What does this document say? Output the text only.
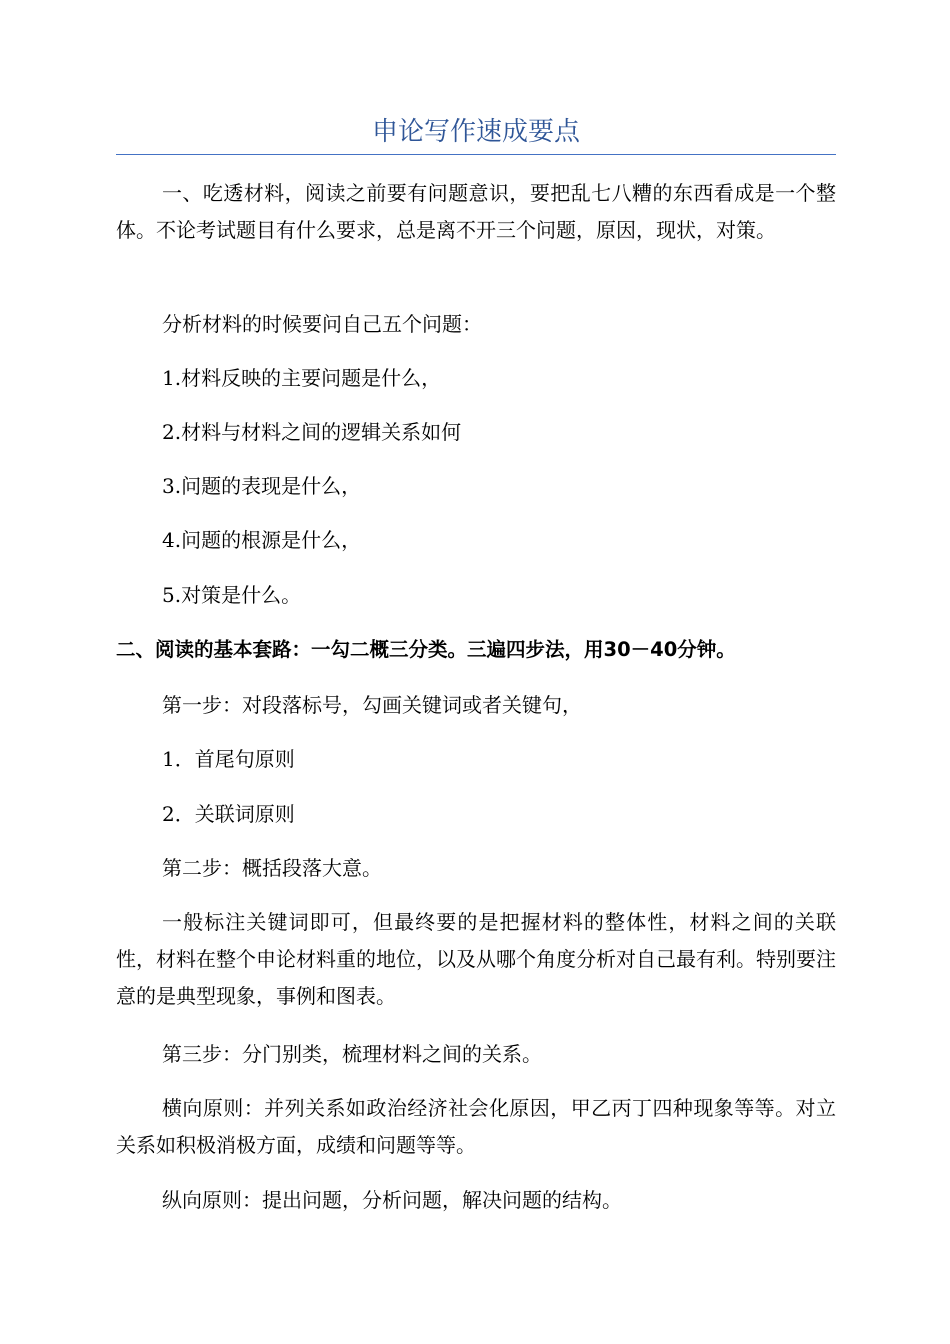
申论写作速成要点

一、吃透材料，阅读之前要有问题意识，要把乱七八糟的东西看成是一个整体。不论考试题目有什么要求，总是离不开三个问题，原因，现状，对策。

分析材料的时候要问自己五个问题：

1.材料反映的主要问题是什么，

2.材料与材料之间的逻辑关系如何

3.问题的表现是什么，

4.问题的根源是什么，

5.对策是什么。

二、阅读的基本套路：一勾二概三分类。三遍四步法，用30－40分钟。

第一步：对段落标号，勾画关键词或者关键句，

1．首尾句原则

2．关联词原则

第二步：概括段落大意。

一般标注关键词即可，但最终要的是把握材料的整体性，材料之间的关联性，材料在整个申论材料重的地位，以及从哪个角度分析对自己最有利。特别要注意的是典型现象，事例和图表。

第三步：分门别类，梳理材料之间的关系。

横向原则：并列关系如政治经济社会化原因，甲乙丙丁四种现象等等。对立关系如积极消极方面，成绩和问题等等。

纵向原则：提出问题，分析问题，解决问题的结构。
